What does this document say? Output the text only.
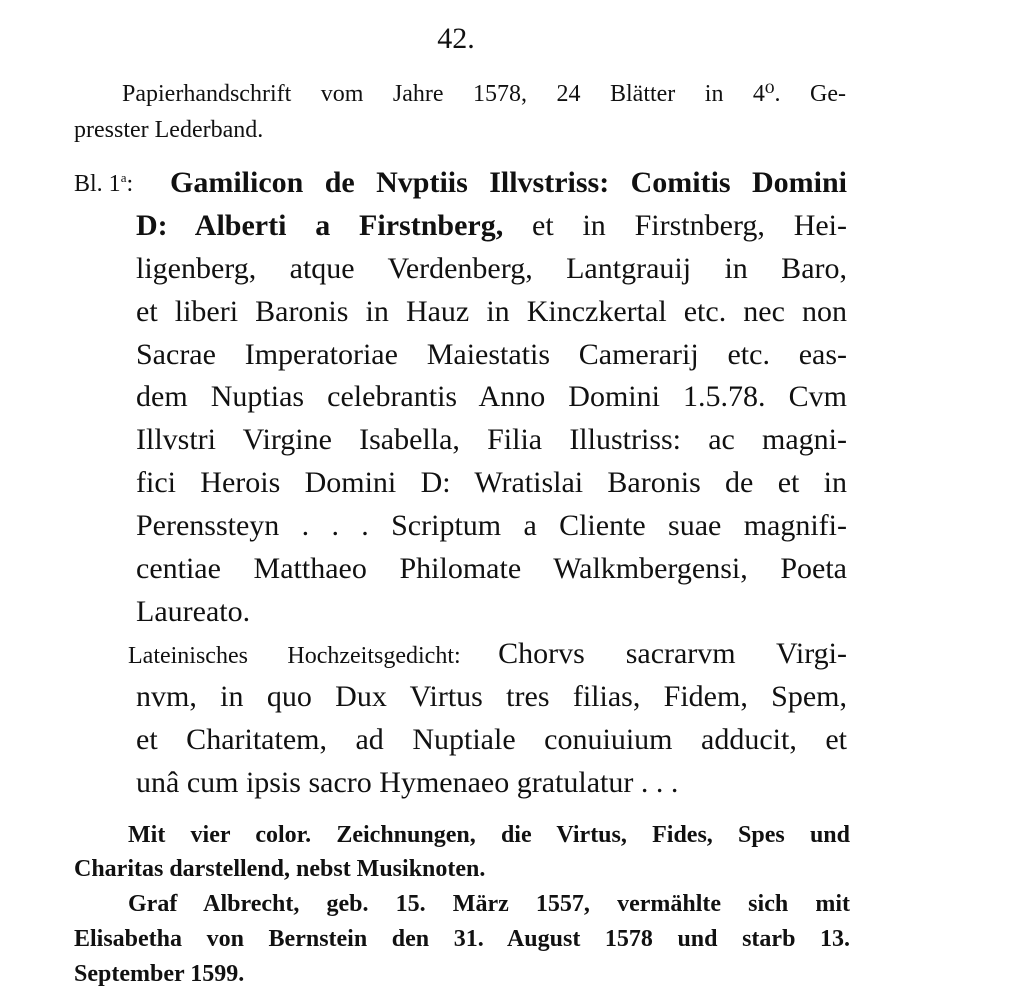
42.
Papierhandschrift vom Jahre 1578, 24 Blätter in 4⁰. Ge-
presster Lederband.
Bl. 1$^a$: Gamilicon de Nvptiis Illvstriss: Comitis Domini
D: Alberti a Firstnberg, et in Firstnberg, Hei-
ligenberg, atque Verdenberg, Lantgrauij in Baro,
et liberi Baronis in Hauz in Kinczkertal etc. nec non
Sacrae Imperatoriae Maiestatis Camerarij etc. eas-
dem Nuptias celebrantis Anno Domini 1.5.78. Cvm
Illvstri Virgine Isabella, Filia Illustriss: ac magni-
fici Herois Domini D: Wratislai Baronis de et in
Perenssteyn . . . Scriptum a Cliente suae magnifi-
centiae Matthaeo Philomate Walkmbergensi, Poeta
Laureato.
Lateinisches Hochzeitsgedicht: Chorvs sacrarvm Virgi-
nvm, in quo Dux Virtus tres filias, Fidem, Spem,
et Charitatem, ad Nuptiale conuiuium adducit, et
unâ cum ipsis sacro Hymenaeo gratulatur . . .
Mit vier color. Zeichnungen, die Virtus, Fides, Spes und
Charitas darstellend, nebst Musiknoten.
Graf Albrecht, geb. 15. März 1557, vermählte sich mit
Elisabetha von Bernstein den 31. August 1578 und starb 13.
September 1599.
